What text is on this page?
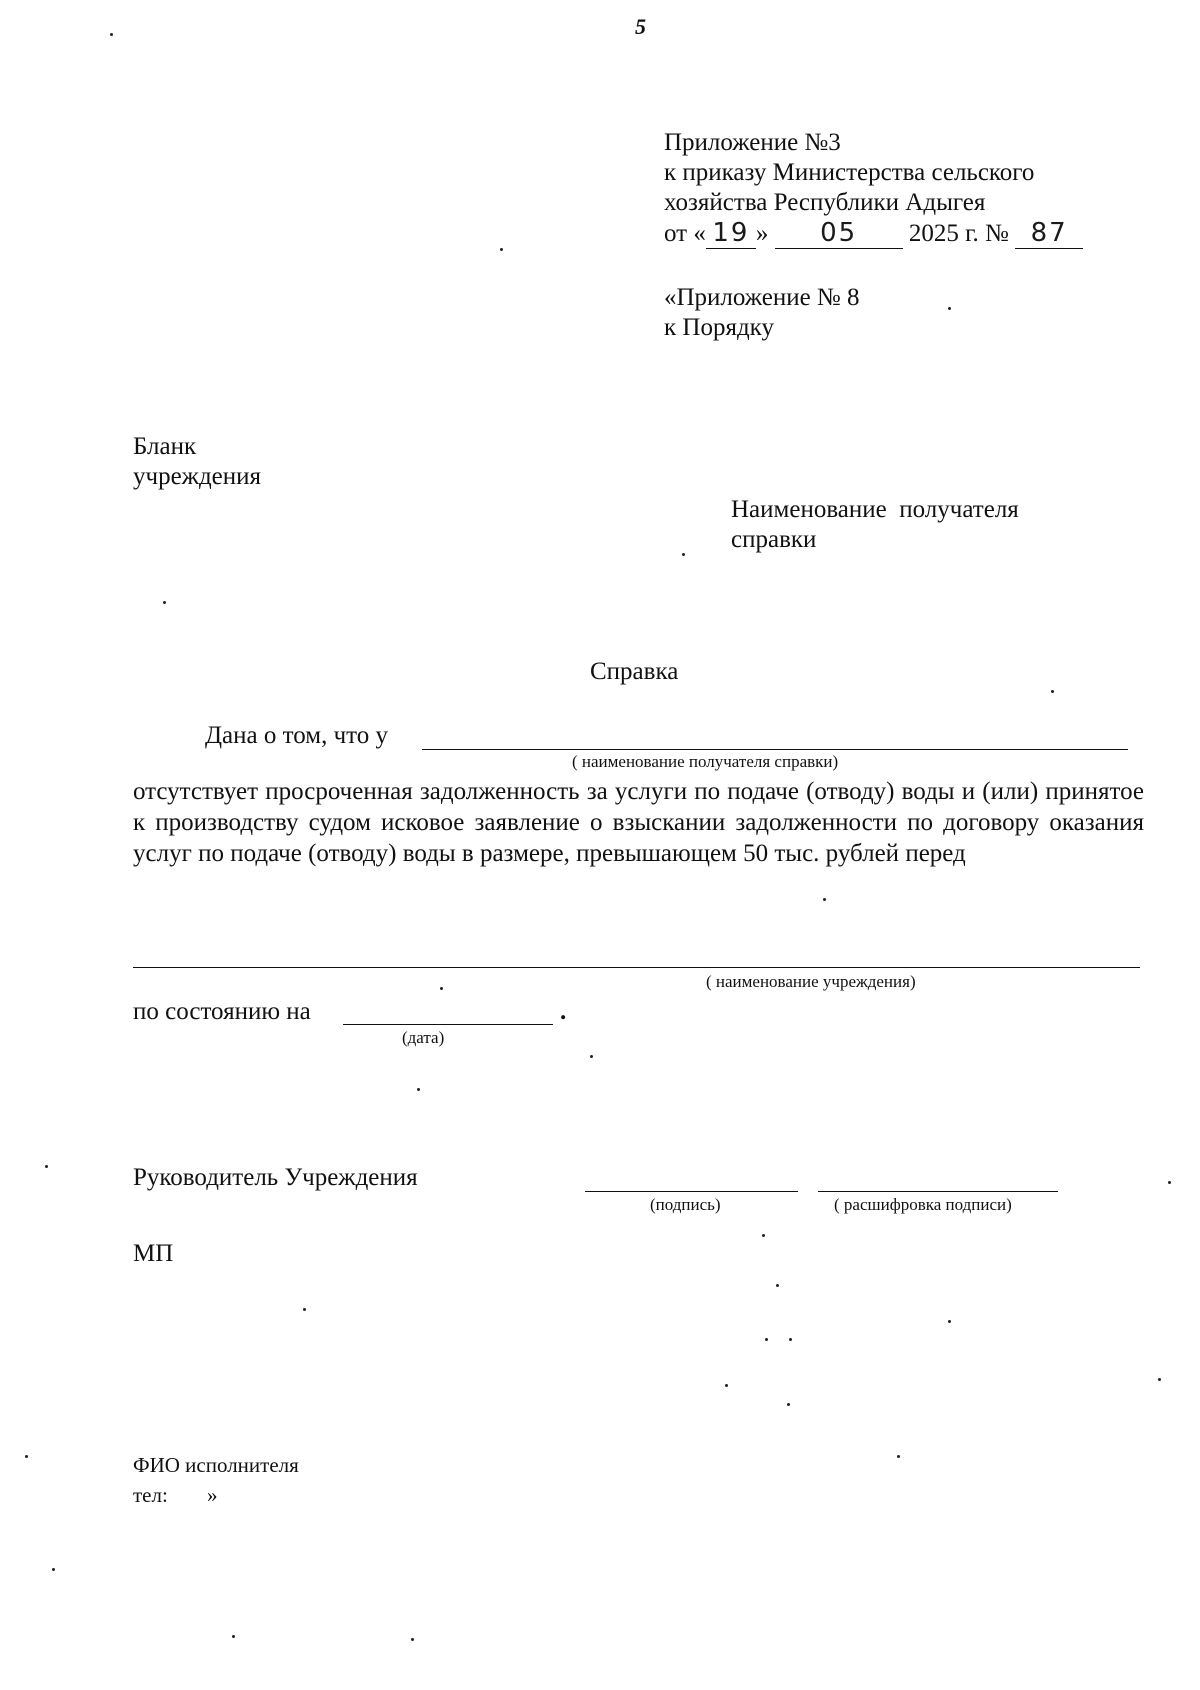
5
Приложение №3
к приказу Министерства сельского
хозяйства Республики Адыгея
от « 19 » 05 2025 г. № 87
«Приложение № 8
к Порядку
Бланк
учреждения
Наименование  получателя
справки
Справка
Дана о том, что у
( наименование получателя справки)
отсутствует просроченная задолженность за услуги по подаче (отводу) воды и (или) принятое к производству судом исковое заявление о взыскании задолженности по договору оказания услуг по подаче (отводу) воды в размере, превышающем 50 тыс. рублей перед
( наименование учреждения)
по состоянию на	.
(дата)
Руководитель Учреждения
(подпись)	( расшифровка подписи)
МП
ФИО исполнителя
тел: »
